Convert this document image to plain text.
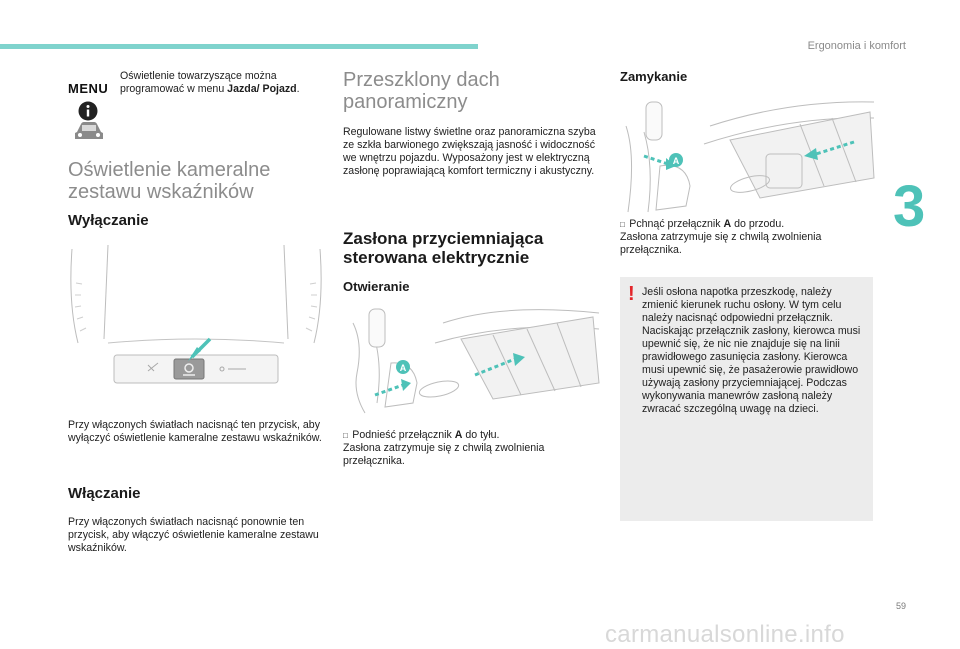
Ergonomia i komfort
3
59
carmanualsonline.info
MENU
Oświetlenie towarzyszące można programować w menu Jazda/ Pojazd.
Oświetlenie kameralne
zestawu wskaźników
Wyłączanie
Przy włączonych światłach nacisnąć ten przycisk, aby wyłączyć oświetlenie kameralne zestawu wskaźników.
Włączanie
Przy włączonych światłach nacisnąć ponownie ten przycisk, aby włączyć oświetlenie kameralne zestawu wskaźników.
Przeszklony dach
panoramiczny
Regulowane listwy świetlne oraz panoramiczna szyba ze szkła barwionego zwiększają jasność i widoczność we wnętrzu pojazdu. Wyposażony jest w elektryczną zasłonę poprawiającą komfort termiczny i akustyczny.
Zasłona przyciemniająca
sterowana elektrycznie
Otwieranie
A
□  Podnieść przełącznik A do tyłu.
Zasłona zatrzymuje się z chwilą zwolnienia przełącznika.
Zamykanie
A
□  Pchnąć przełącznik A do przodu.
Zasłona zatrzymuje się z chwilą zwolnienia przełącznika.
! Jeśli osłona napotka przeszkodę, należy zmienić kierunek ruchu osłony. W tym celu należy nacisnąć odpowiedni przełącznik. Naciskając przełącznik zasłony, kierowca musi upewnić się, że nic nie znajduje się na linii prawidłowego zasunięcia zasłony. Kierowca musi upewnić się, że pasażerowie prawidłowo używają zasłony przyciemniającej. Podczas wykonywania manewrów zasłoną należy zwracać szczególną uwagę na dzieci.
